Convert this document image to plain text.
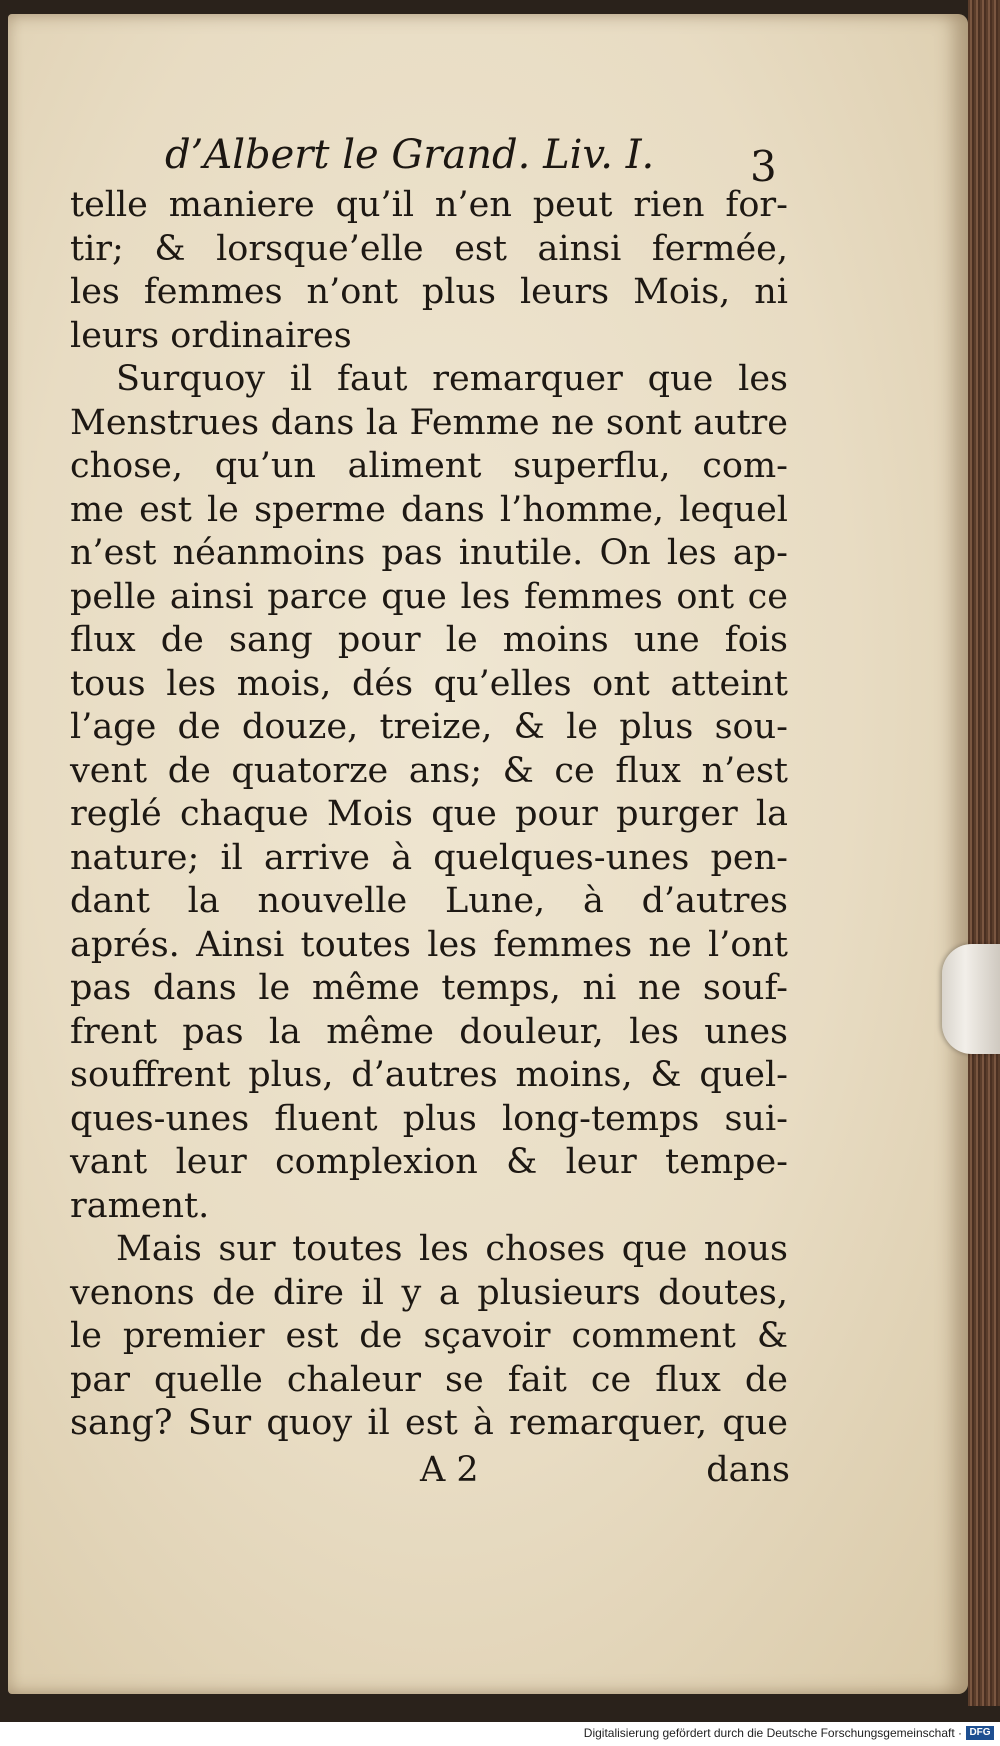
d’Albert le Grand. Liv. I. 3
telle maniere qu’il n’en peut rien for-
tir; & lorsque’elle est ainsi fermée,
les femmes n’ont plus leurs Mois, ni
leurs ordinaires
Surquoy il faut remarquer que les
Menstrues dans la Femme ne sont autre
chose, qu’un aliment superflu, com-
me est le sperme dans l’homme, lequel
n’est néanmoins pas inutile. On les ap-
pelle ainsi parce que les femmes ont ce
flux de sang pour le moins une fois
tous les mois, dés qu’elles ont atteint
l’age de douze, treize, & le plus sou-
vent de quatorze ans; & ce flux n’est
reglé chaque Mois que pour purger la
nature; il arrive à quelques-unes pen-
dant la nouvelle Lune, à d’autres
aprés. Ainsi toutes les femmes ne l’ont
pas dans le même temps, ni ne souf-
frent pas la même douleur, les unes
souffrent plus, d’autres moins, & quel-
ques-unes fluent plus long-temps sui-
vant leur complexion & leur tempe-
rament.
Mais sur toutes les choses que nous
venons de dire il y a plusieurs doutes,
le premier est de sçavoir comment &
par quelle chaleur se fait ce flux de
sang? Sur quoy il est à remarquer, que
A 2	dans
Digitalisierung gefördert durch die Deutsche Forschungsgemeinschaft · DFG
